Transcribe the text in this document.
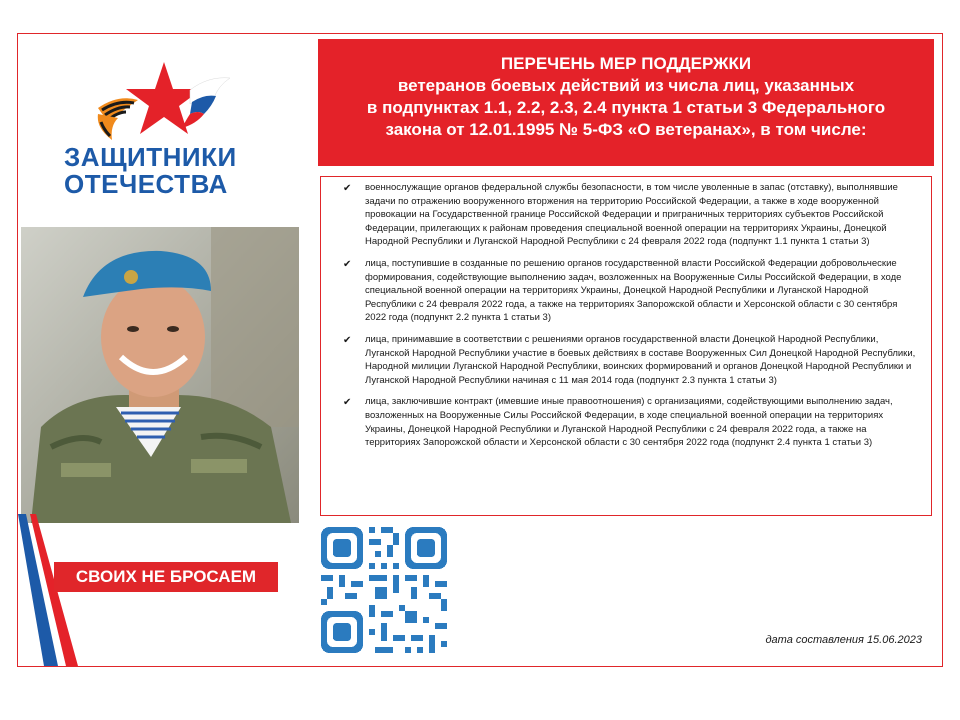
ЗАЩИТНИКИ
ОТЕЧЕСТВА
СВОИХ НЕ БРОСАЕМ
ПЕРЕЧЕНЬ МЕР ПОДДЕРЖКИ
ветеранов боевых действий из числа лиц, указанных
в подпунктах 1.1, 2.2, 2.3, 2.4 пункта 1 статьи 3 Федерального
закона от 12.01.1995 № 5-ФЗ «О ветеранах», в том числе:
✔ военнослужащие органов федеральной службы безопасности, в том числе уволенные в запас (отставку), выполнявшие задачи по отражению вооруженного вторжения на территорию Российской Федерации, а также в ходе вооруженной провокации на Государственной границе Российской Федерации и приграничных территориях субъектов Российской Федерации, прилегающих к районам проведения специальной военной операции на территориях Украины, Донецкой Народной Республики и Луганской Народной Республики с 24 февраля 2022 года (подпункт 1.1 пункта 1 статьи 3)
✔ лица, поступившие в созданные по решению органов государственной власти Российской Федерации добровольческие формирования, содействующие выполнению задач, возложенных на Вооруженные Силы Российской Федерации, в ходе специальной военной операции на территориях Украины, Донецкой Народной Республики и Луганской Народной Республики с 24 февраля 2022 года, а также на территориях Запорожской области и Херсонской области с 30 сентября 2022 года (подпункт 2.2 пункта 1 статьи 3)
✔ лица, принимавшие в соответствии с решениями органов государственной власти Донецкой Народной Республики, Луганской Народной Республики участие в боевых действиях в составе Вооруженных Сил Донецкой Народной Республики, Народной милиции Луганской Народной Республики, воинских формирований и органов Донецкой Народной Республики и Луганской Народной Республики начиная с 11 мая 2014 года (подпункт 2.3 пункта 1 статьи 3)
✔ лица, заключившие контракт (имевшие иные правоотношения) с организациями, содействующими выполнению задач, возложенных на Вооруженные Силы Российской Федерации, в ходе специальной военной операции на территориях Украины, Донецкой Народной Республики и Луганской Народной Республики с 24 февраля 2022 года, а также на территориях Запорожской области и Херсонской области с 30 сентября 2022 года (подпункт 2.4 пункта 1 статьи 3)
дата составления 15.06.2023
